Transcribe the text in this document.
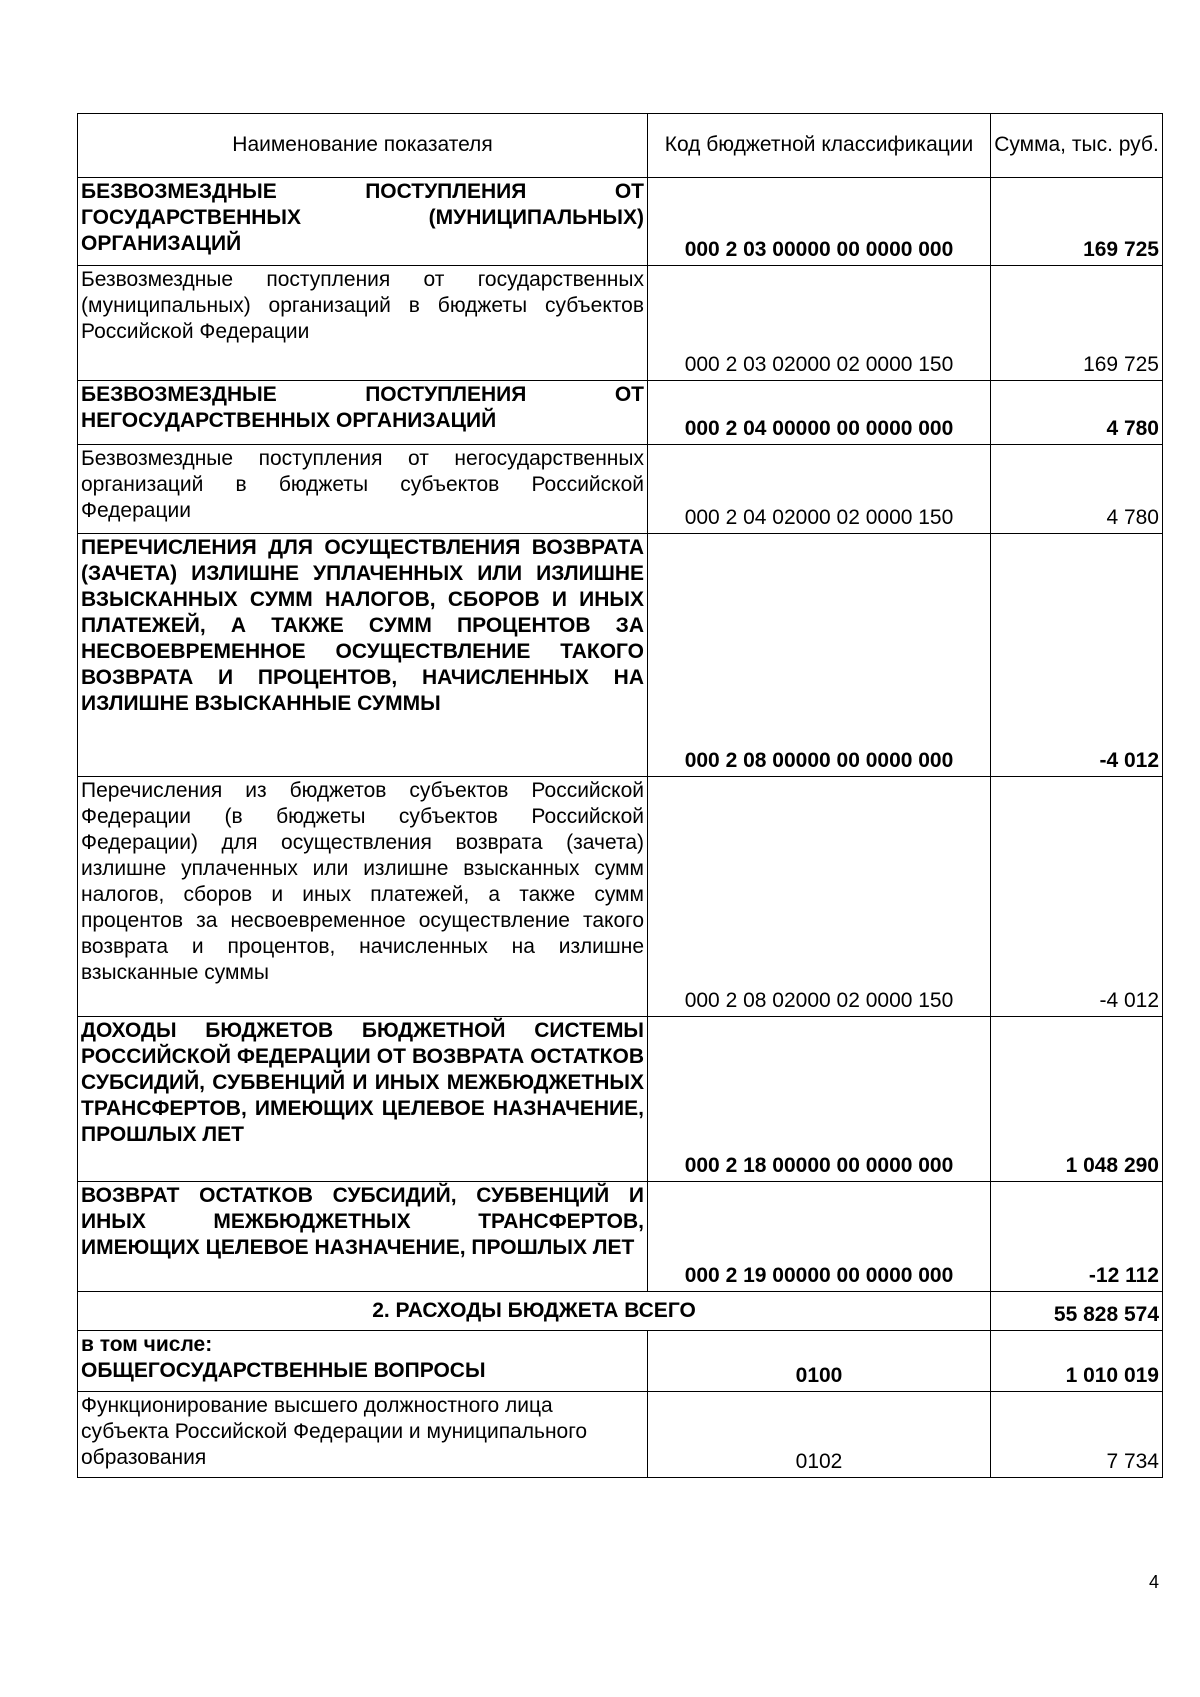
Наименование показателя	Код бюджетной классификации	Сумма, тыс. руб.
БЕЗВОЗМЕЗДНЫЕ ПОСТУПЛЕНИЯ ОТ ГОСУДАРСТВЕННЫХ (МУНИЦИПАЛЬНЫХ) ОРГАНИЗАЦИЙ	000 2 03 00000 00 0000 000	169 725
Безвозмездные поступления от государственных (муниципальных) организаций в бюджеты субъектов Российской Федерации	000 2 03 02000 02 0000 150	169 725
БЕЗВОЗМЕЗДНЫЕ ПОСТУПЛЕНИЯ ОТ НЕГОСУДАРСТВЕННЫХ ОРГАНИЗАЦИЙ	000 2 04 00000 00 0000 000	4 780
Безвозмездные поступления от негосударственных организаций в бюджеты субъектов Российской Федерации	000 2 04 02000 02 0000 150	4 780
ПЕРЕЧИСЛЕНИЯ ДЛЯ ОСУЩЕСТВЛЕНИЯ ВОЗВРАТА (ЗАЧЕТА) ИЗЛИШНЕ УПЛАЧЕННЫХ ИЛИ ИЗЛИШНЕ ВЗЫСКАННЫХ СУММ НАЛОГОВ, СБОРОВ И ИНЫХ ПЛАТЕЖЕЙ, А ТАКЖЕ СУММ ПРОЦЕНТОВ ЗА НЕСВОЕВРЕМЕННОЕ ОСУЩЕСТВЛЕНИЕ ТАКОГО ВОЗВРАТА И ПРОЦЕНТОВ, НАЧИСЛЕННЫХ НА ИЗЛИШНЕ ВЗЫСКАННЫЕ СУММЫ	000 2 08 00000 00 0000 000	-4 012
Перечисления из бюджетов субъектов Российской Федерации (в бюджеты субъектов Российской Федерации) для осуществления возврата (зачета) излишне уплаченных или излишне взысканных сумм налогов, сборов и иных платежей, а также сумм процентов за несвоевременное осуществление такого возврата и процентов, начисленных на излишне взысканные суммы	000 2 08 02000 02 0000 150	-4 012
ДОХОДЫ БЮДЖЕТОВ БЮДЖЕТНОЙ СИСТЕМЫ РОССИЙСКОЙ ФЕДЕРАЦИИ ОТ ВОЗВРАТА ОСТАТКОВ СУБСИДИЙ, СУБВЕНЦИЙ И ИНЫХ МЕЖБЮДЖЕТНЫХ ТРАНСФЕРТОВ, ИМЕЮЩИХ ЦЕЛЕВОЕ НАЗНАЧЕНИЕ, ПРОШЛЫХ ЛЕТ	000 2 18 00000 00 0000 000	1 048 290
ВОЗВРАТ ОСТАТКОВ СУБСИДИЙ, СУБВЕНЦИЙ И ИНЫХ МЕЖБЮДЖЕТНЫХ ТРАНСФЕРТОВ, ИМЕЮЩИХ ЦЕЛЕВОЕ НАЗНАЧЕНИЕ, ПРОШЛЫХ ЛЕТ	000 2 19 00000 00 0000 000	-12 112
2. РАСХОДЫ БЮДЖЕТА ВСЕГО		55 828 574

в том числе:
ОБЩЕГОСУДАРСТВЕННЫЕ ВОПРОСЫ	0100	1 010 019
Функционирование высшего должностного лица субъекта Российской Федерации и муниципального образования	0102	7 734
4
